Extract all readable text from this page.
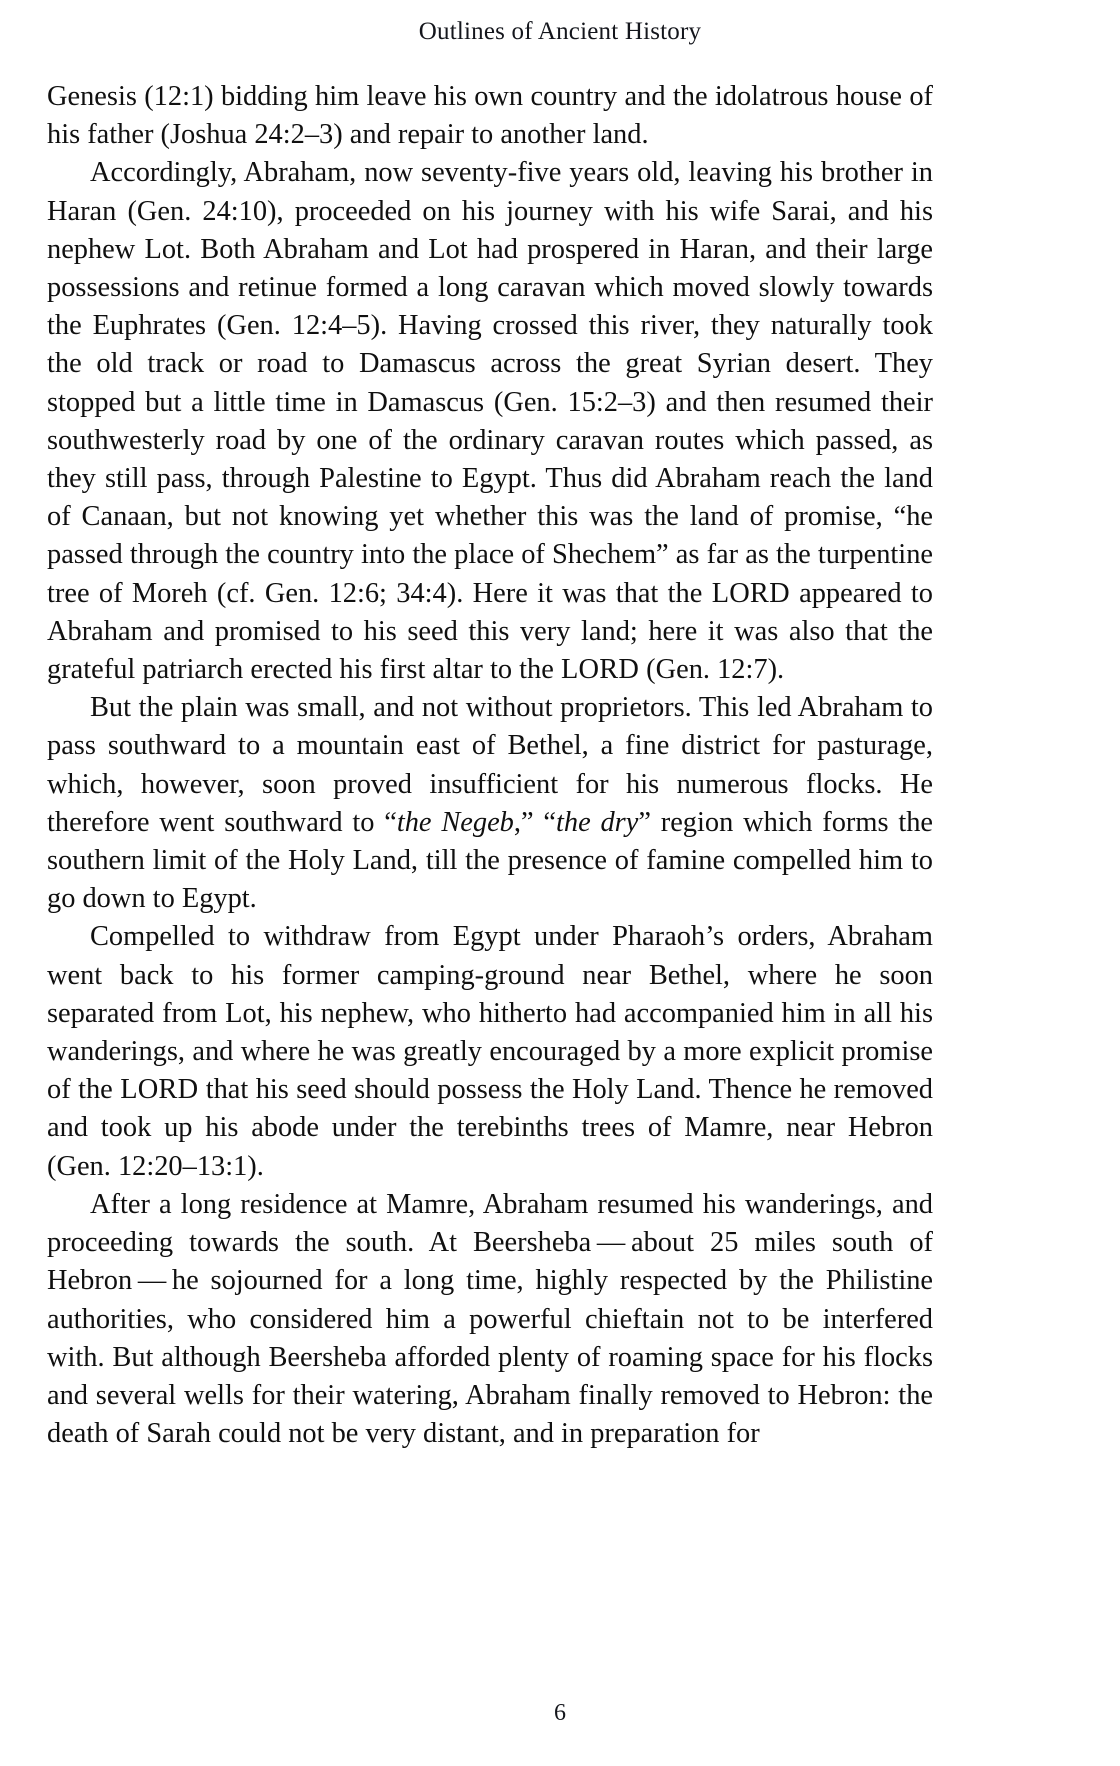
Outlines of Ancient History

Genesis (12:1) bidding him leave his own country and the idolatrous house of his father (Joshua 24:2–3) and repair to another land.

Accordingly, Abraham, now seventy-five years old, leaving his brother in Haran (Gen. 24:10), proceeded on his journey with his wife Sarai, and his nephew Lot. Both Abraham and Lot had prospered in Haran, and their large possessions and retinue formed a long caravan which moved slowly towards the Euphrates (Gen. 12:4–5). Having crossed this river, they naturally took the old track or road to Damascus across the great Syrian desert. They stopped but a little time in Damascus (Gen. 15:2–3) and then resumed their southwesterly road by one of the ordinary caravan routes which passed, as they still pass, through Palestine to Egypt. Thus did Abraham reach the land of Canaan, but not knowing yet whether this was the land of promise, “he passed through the country into the place of Shechem” as far as the turpentine tree of Moreh (cf. Gen. 12:6; 34:4). Here it was that the LORD appeared to Abraham and promised to his seed this very land; here it was also that the grateful patriarch erected his first altar to the LORD (Gen. 12:7).

But the plain was small, and not without proprietors. This led Abraham to pass southward to a mountain east of Bethel, a fine district for pasturage, which, however, soon proved insufficient for his numerous flocks. He therefore went southward to “the Negeb,” “the dry” region which forms the southern limit of the Holy Land, till the presence of famine compelled him to go down to Egypt.

Compelled to withdraw from Egypt under Pharaoh’s orders, Abraham went back to his former camping-ground near Bethel, where he soon separated from Lot, his nephew, who hitherto had accompanied him in all his wanderings, and where he was greatly encouraged by a more explicit promise of the LORD that his seed should possess the Holy Land. Thence he removed and took up his abode under the terebinths trees of Mamre, near Hebron (Gen. 12:20–13:1).

After a long residence at Mamre, Abraham resumed his wanderings, and proceeding towards the south. At Beersheba — about 25 miles south of Hebron — he sojourned for a long time, highly respected by the Philistine authorities, who considered him a powerful chieftain not to be interfered with. But although Beersheba afforded plenty of roaming space for his flocks and several wells for their watering, Abraham finally removed to Hebron: the death of Sarah could not be very distant, and in preparation for

6
